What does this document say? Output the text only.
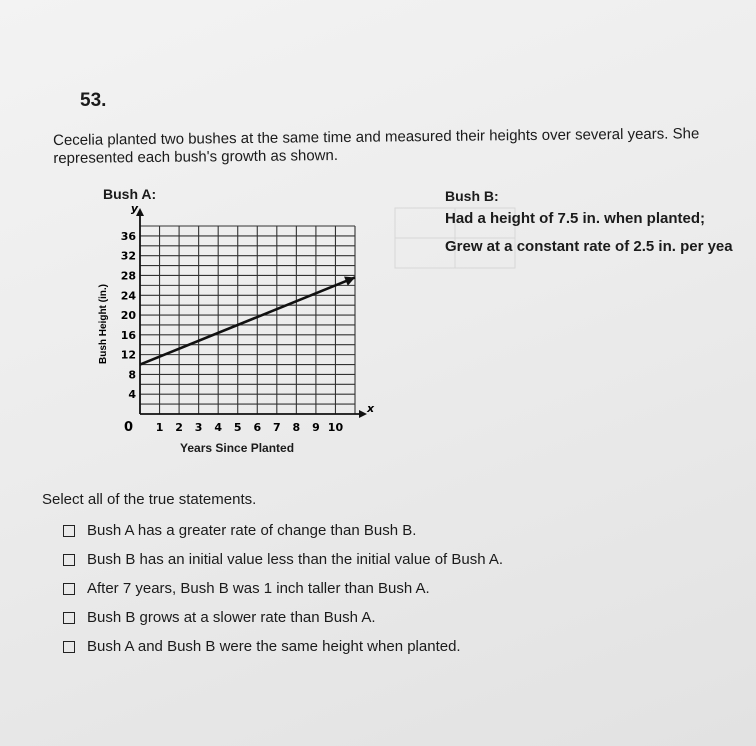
53.
Cecelia planted two bushes at the same time and measured their heights over several years. She represented each bush's growth as shown.
Bush A:
4
8
12
16
20
24
28
32
36
1 2 3 4 5 6 7 8 9 10
Bush Height (in.)
y
x
0
Years Since Planted
Bush B:
Had a height of 7.5 in. when planted;
Grew at a constant rate of 2.5 in. per yea
Select all of the true statements.
Bush A has a greater rate of change than Bush B.
Bush B has an initial value less than the initial value of Bush A.
After 7 years, Bush B was 1 inch taller than Bush A.
Bush B grows at a slower rate than Bush A.
Bush A and Bush B were the same height when planted.
